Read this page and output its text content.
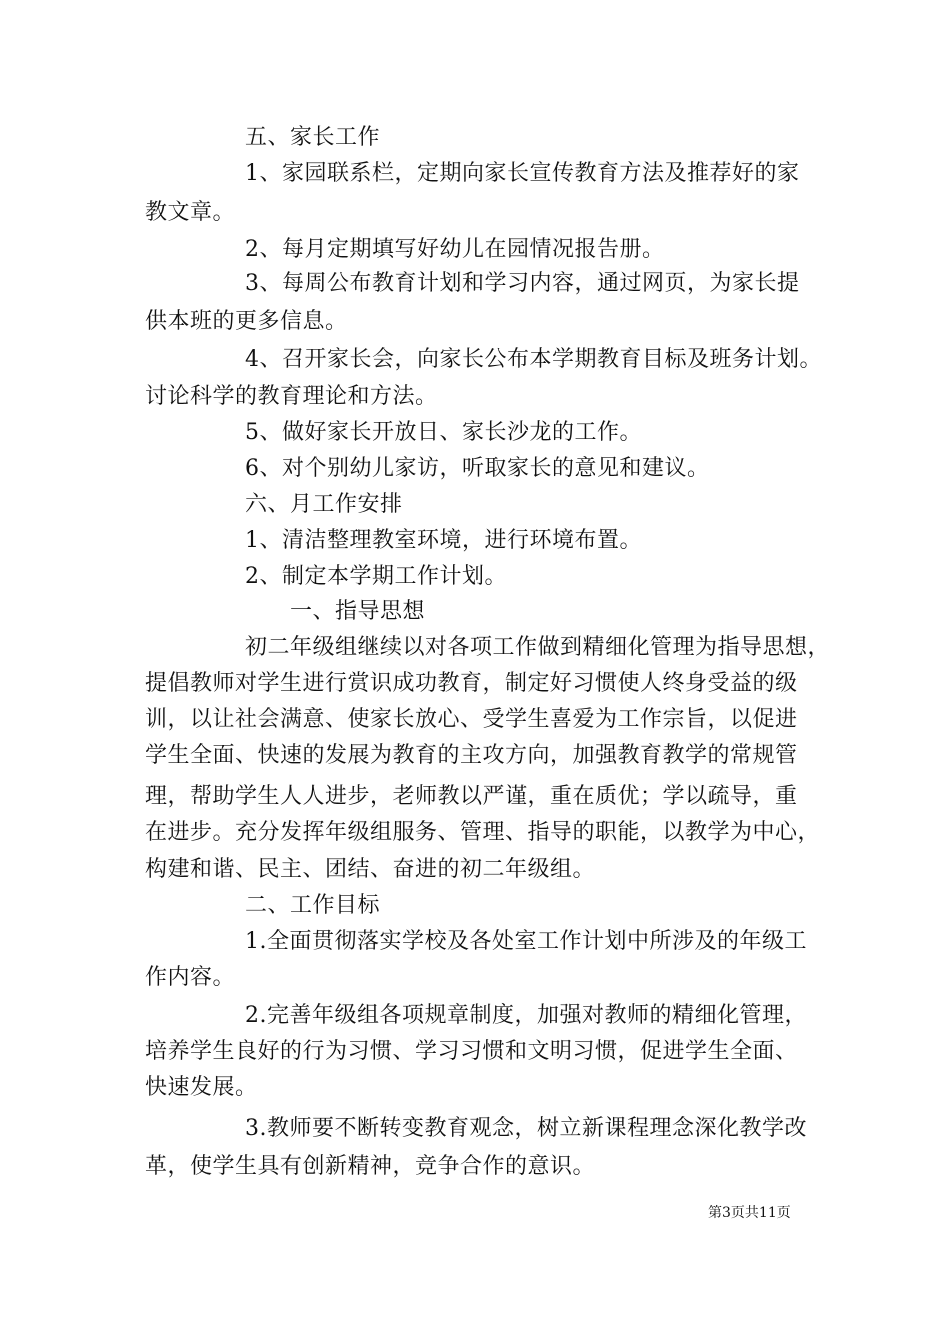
五、家长工作
1、家园联系栏，定期向家长宣传教育方法及推荐好的家
教文章。
2、每月定期填写好幼儿在园情况报告册。
3、每周公布教育计划和学习内容，通过网页，为家长提
供本班的更多信息。
4、召开家长会，向家长公布本学期教育目标及班务计划。
讨论科学的教育理论和方法。
5、做好家长开放日、家长沙龙的工作。
6、对个别幼儿家访，听取家长的意见和建议。
六、月工作安排
1、清洁整理教室环境，进行环境布置。
2、制定本学期工作计划。
一、指导思想
初二年级组继续以对各项工作做到精细化管理为指导思想，
提倡教师对学生进行赏识成功教育，制定好习惯使人终身受益的级
训，以让社会满意、使家长放心、受学生喜爱为工作宗旨，以促进
学生全面、快速的发展为教育的主攻方向，加强教育教学的常规管
理，帮助学生人人进步，老师教以严谨，重在质优；学以疏导，重
在进步。充分发挥年级组服务、管理、指导的职能，以教学为中心，
构建和谐、民主、团结、奋进的初二年级组。
二、工作目标
1.全面贯彻落实学校及各处室工作计划中所涉及的年级工
作内容。
2.完善年级组各项规章制度，加强对教师的精细化管理，
培养学生良好的行为习惯、学习习惯和文明习惯，促进学生全面、
快速发展。
3.教师要不断转变教育观念，树立新课程理念深化教学改
革，使学生具有创新精神，竞争合作的意识。
第3页共11页
